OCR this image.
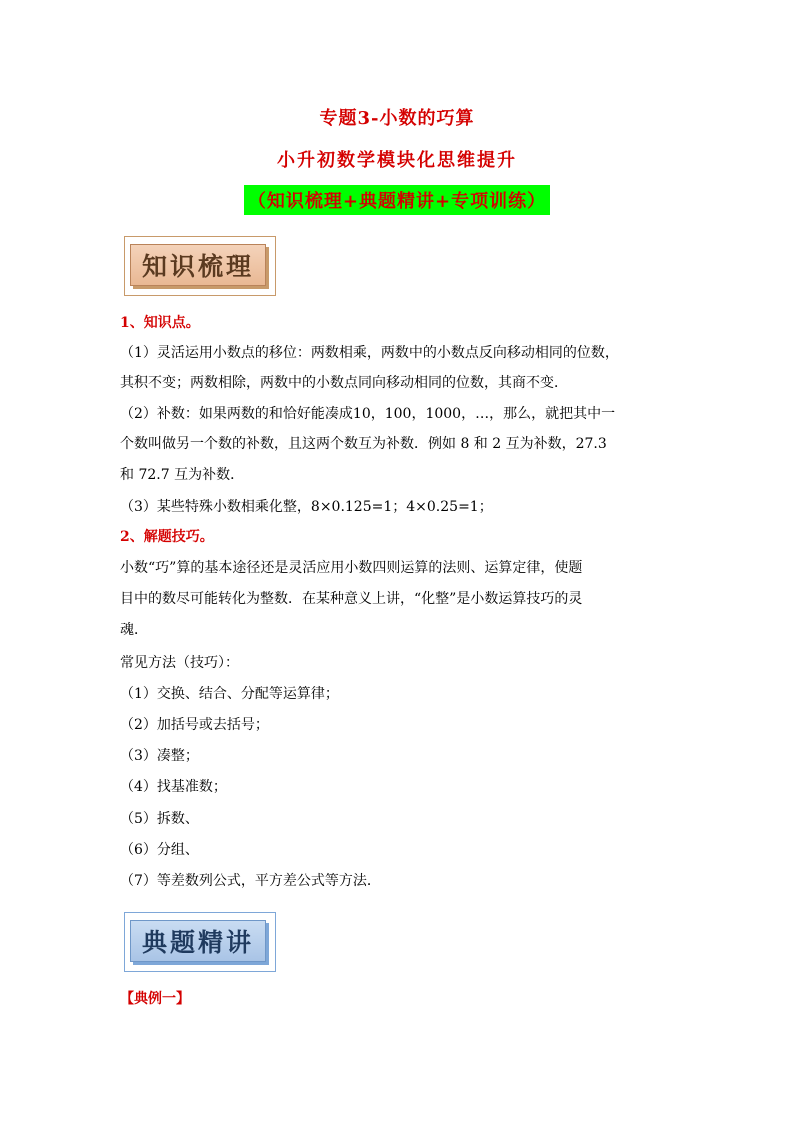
专题3-小数的巧算
小升初数学模块化思维提升
（知识梳理+典题精讲+专项训练）
知识梳理
1、知识点。
（1）灵活运用小数点的移位：两数相乘，两数中的小数点反向移动相同的位数，
其积不变；两数相除，两数中的小数点同向移动相同的位数，其商不变．
（2）补数：如果两数的和恰好能凑成10，100，1000，…，那么，就把其中一
个数叫做另一个数的补数，且这两个数互为补数．例如 8 和 2 互为补数，27.3
和 72.7 互为补数．
（3）某些特殊小数相乘化整，8×0.125=1；4×0.25=1；
2、解题技巧。
小数“巧”算的基本途径还是灵活应用小数四则运算的法则、运算定律，使题
目中的数尽可能转化为整数．在某种意义上讲，“化整”是小数运算技巧的灵
魂．
常见方法（技巧）：
（1）交换、结合、分配等运算律；
（2）加括号或去括号；
（3）凑整；
（4）找基准数；
（5）拆数、
（6）分组、
（7）等差数列公式，平方差公式等方法．
典题精讲
【典例一】
